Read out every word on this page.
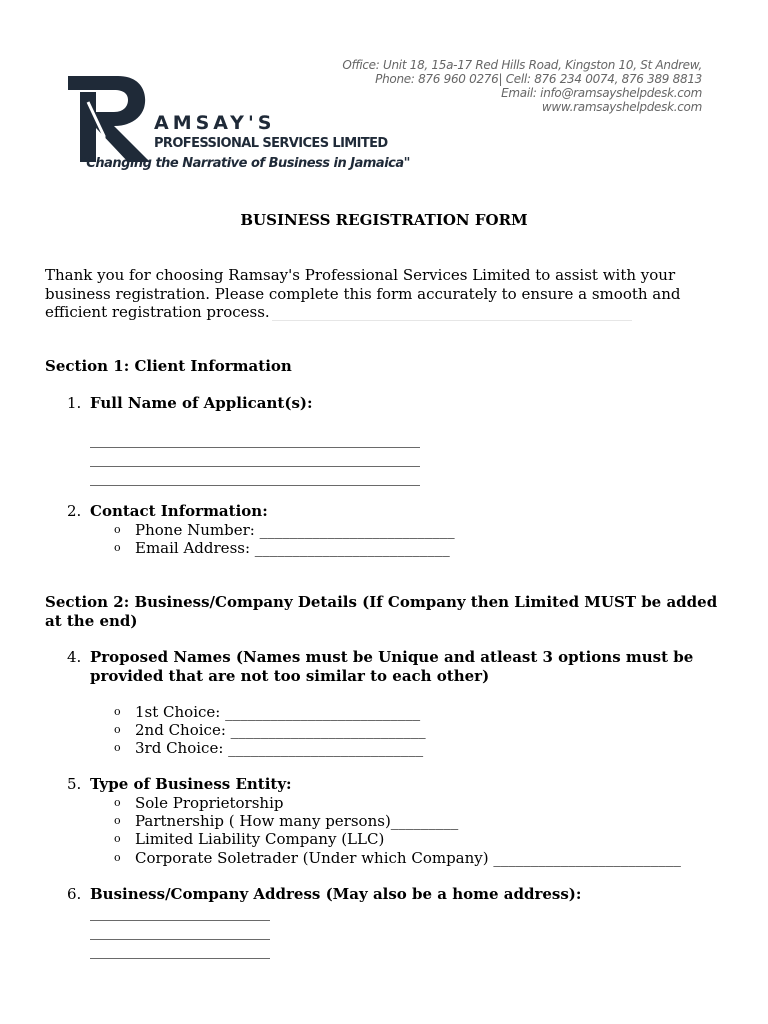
AMSAY'S
PROFESSIONAL SERVICES LIMITED
"Changing the Narrative of Business in Jamaica"
Office: Unit 18, 15a-17 Red Hills Road, Kingston 10, St Andrew,
Phone: 876 960 0276| Cell: 876 234 0074, 876 389 8813
Email: info@ramsayshelpdesk.com
www.ramsayshelpdesk.com
BUSINESS REGISTRATION FORM
Thank you for choosing Ramsay's Professional Services Limited to assist with your business registration. Please complete this form accurately to ensure a smooth and efficient registration process.
Section 1: Client Information
1. Full Name of Applicant(s):
____________________________________________
____________________________________________
____________________________________________
2. Contact Information:
o Phone Number: __________________________
o Email Address: __________________________
Section 2: Business/Company Details (If Company then Limited MUST be added at the end)
4. Proposed Names (Names must be Unique and atleast 3 options must be provided that are not too similar to each other)
o 1st Choice: __________________________
o 2nd Choice: __________________________
o 3rd Choice: __________________________
5. Type of Business Entity:
o Sole Proprietorship
o Partnership ( How many persons)_________
o Limited Liability Company (LLC)
o Corporate Soletrader (Under which Company) _________________________
6. Business/Company Address (May also be a home address):
________________________
________________________
________________________
